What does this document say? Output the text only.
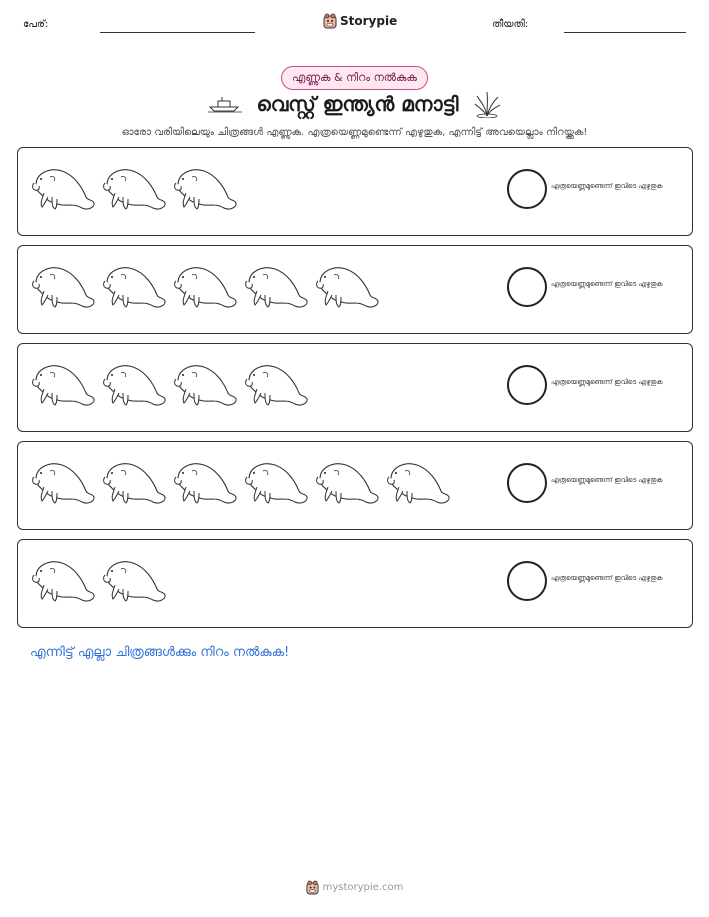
പേര്:	Storypie	തീയതി:
എണ്ണുക & നിറം നൽകുക
വെസ്റ്റ് ഇന്ത്യൻ മനാട്ടി
ഓരോ വരിയിലെയും ചിത്രങ്ങൾ എണ്ണുക. എത്രയെണ്ണമുണ്ടെന്ന് എഴുതുക, എന്നിട്ട് അവയെല്ലാം നിറയ്ക്കുക!
എത്രയെണ്ണമുണ്ടെന്ന് ഇവിടെ എഴുതുക
എത്രയെണ്ണമുണ്ടെന്ന് ഇവിടെ എഴുതുക
എത്രയെണ്ണമുണ്ടെന്ന് ഇവിടെ എഴുതുക
എത്രയെണ്ണമുണ്ടെന്ന് ഇവിടെ എഴുതുക
എത്രയെണ്ണമുണ്ടെന്ന് ഇവിടെ എഴുതുക
എന്നിട്ട് എല്ലാ ചിത്രങ്ങൾക്കും നിറം നൽകുക!
mystorypie.com
